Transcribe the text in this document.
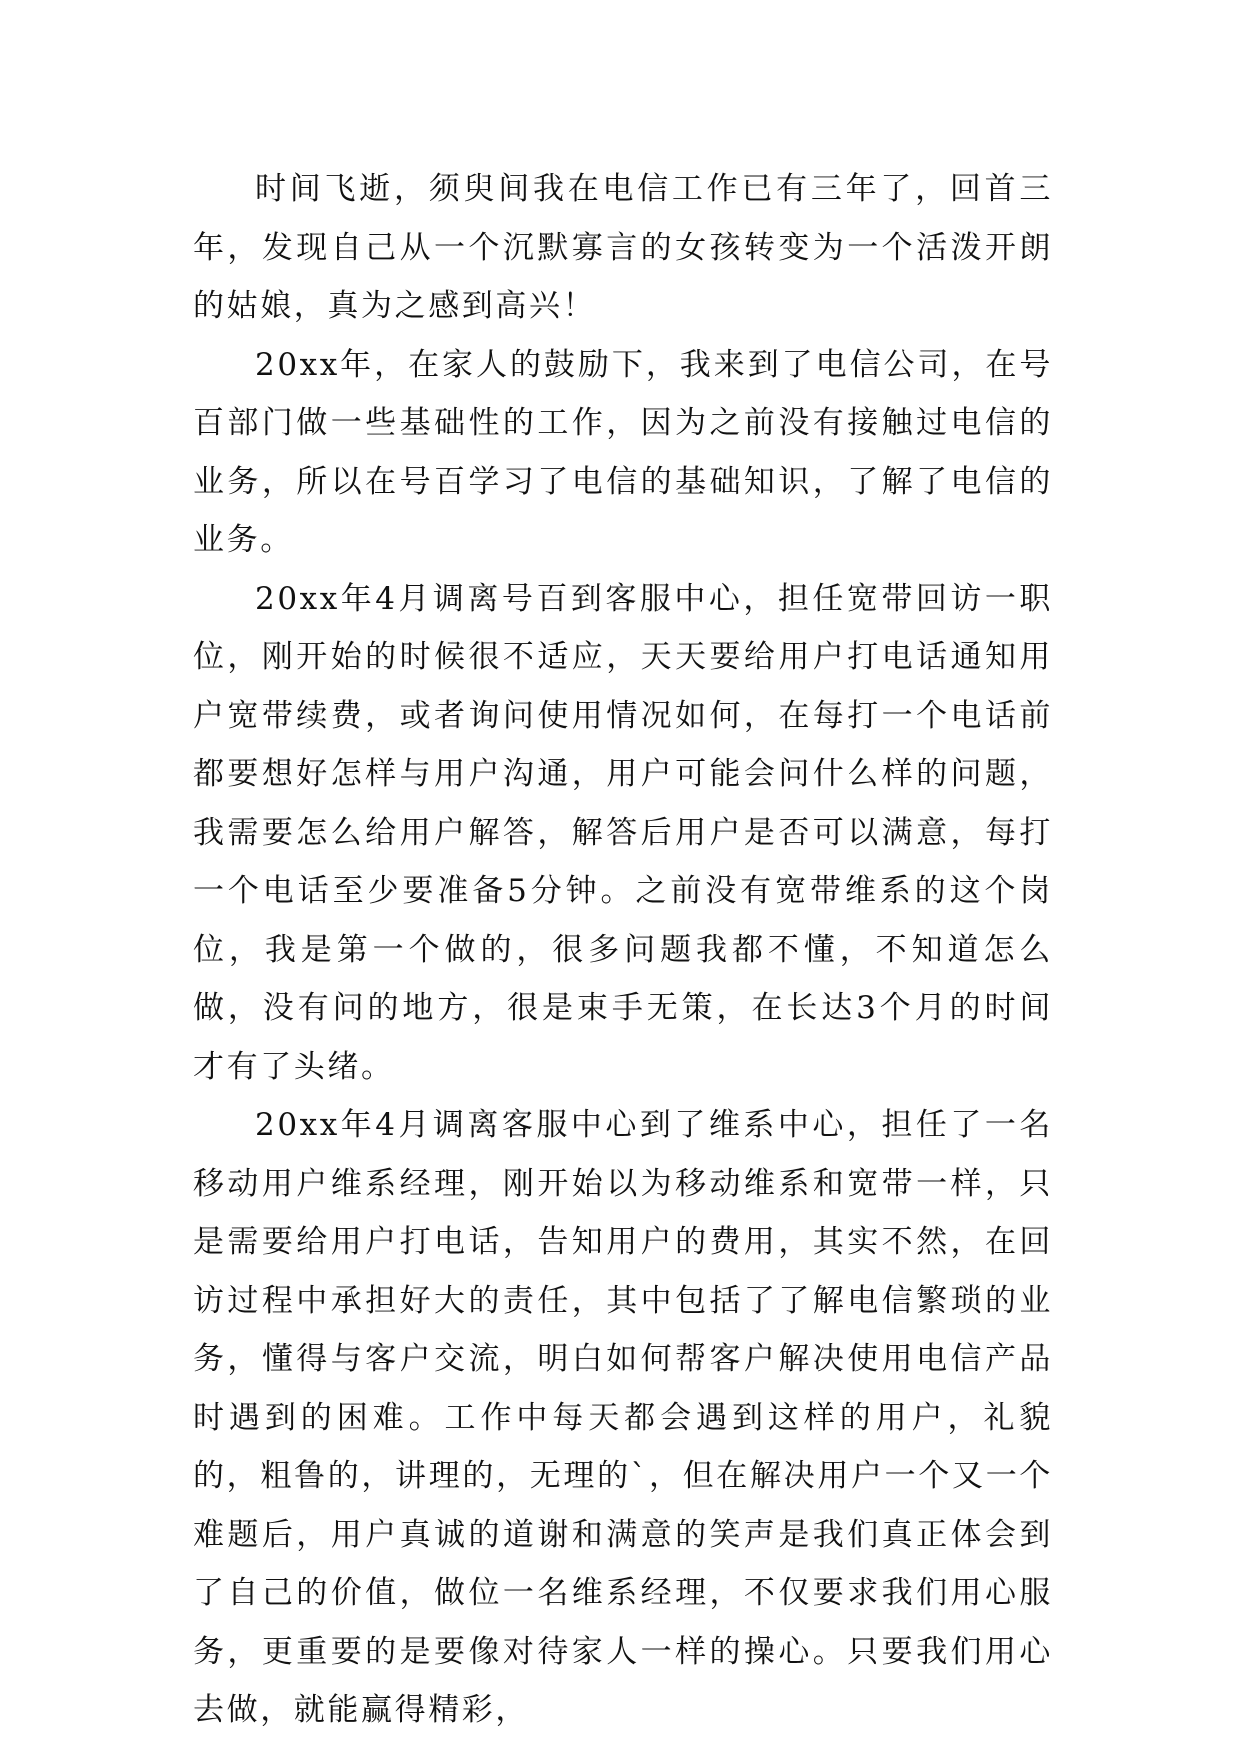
时间飞逝，须臾间我在电信工作已有三年了，回首三年，发现自己从一个沉默寡言的女孩转变为一个活泼开朗的姑娘，真为之感到高兴！

20xx年，在家人的鼓励下，我来到了电信公司，在号百部门做一些基础性的工作，因为之前没有接触过电信的业务，所以在号百学习了电信的基础知识，了解了电信的业务。

20xx年4月调离号百到客服中心，担任宽带回访一职位，刚开始的时候很不适应，天天要给用户打电话通知用户宽带续费，或者询问使用情况如何，在每打一个电话前都要想好怎样与用户沟通，用户可能会问什么样的问题，我需要怎么给用户解答，解答后用户是否可以满意，每打一个电话至少要准备5分钟。之前没有宽带维系的这个岗位，我是第一个做的，很多问题我都不懂，不知道怎么做，没有问的地方，很是束手无策，在长达3个月的时间才有了头绪。

20xx年4月调离客服中心到了维系中心，担任了一名移动用户维系经理，刚开始以为移动维系和宽带一样，只是需要给用户打电话，告知用户的费用，其实不然，在回访过程中承担好大的责任，其中包括了了解电信繁琐的业务，懂得与客户交流，明白如何帮客户解决使用电信产品时遇到的困难。工作中每天都会遇到这样的用户，礼貌的，粗鲁的，讲理的，无理的`，但在解决用户一个又一个难题后，用户真诚的道谢和满意的笑声是我们真正体会到了自己的价值，做位一名维系经理，不仅要求我们用心服务，更重要的是要像对待家人一样的操心。只要我们用心去做，就能赢得精彩，
